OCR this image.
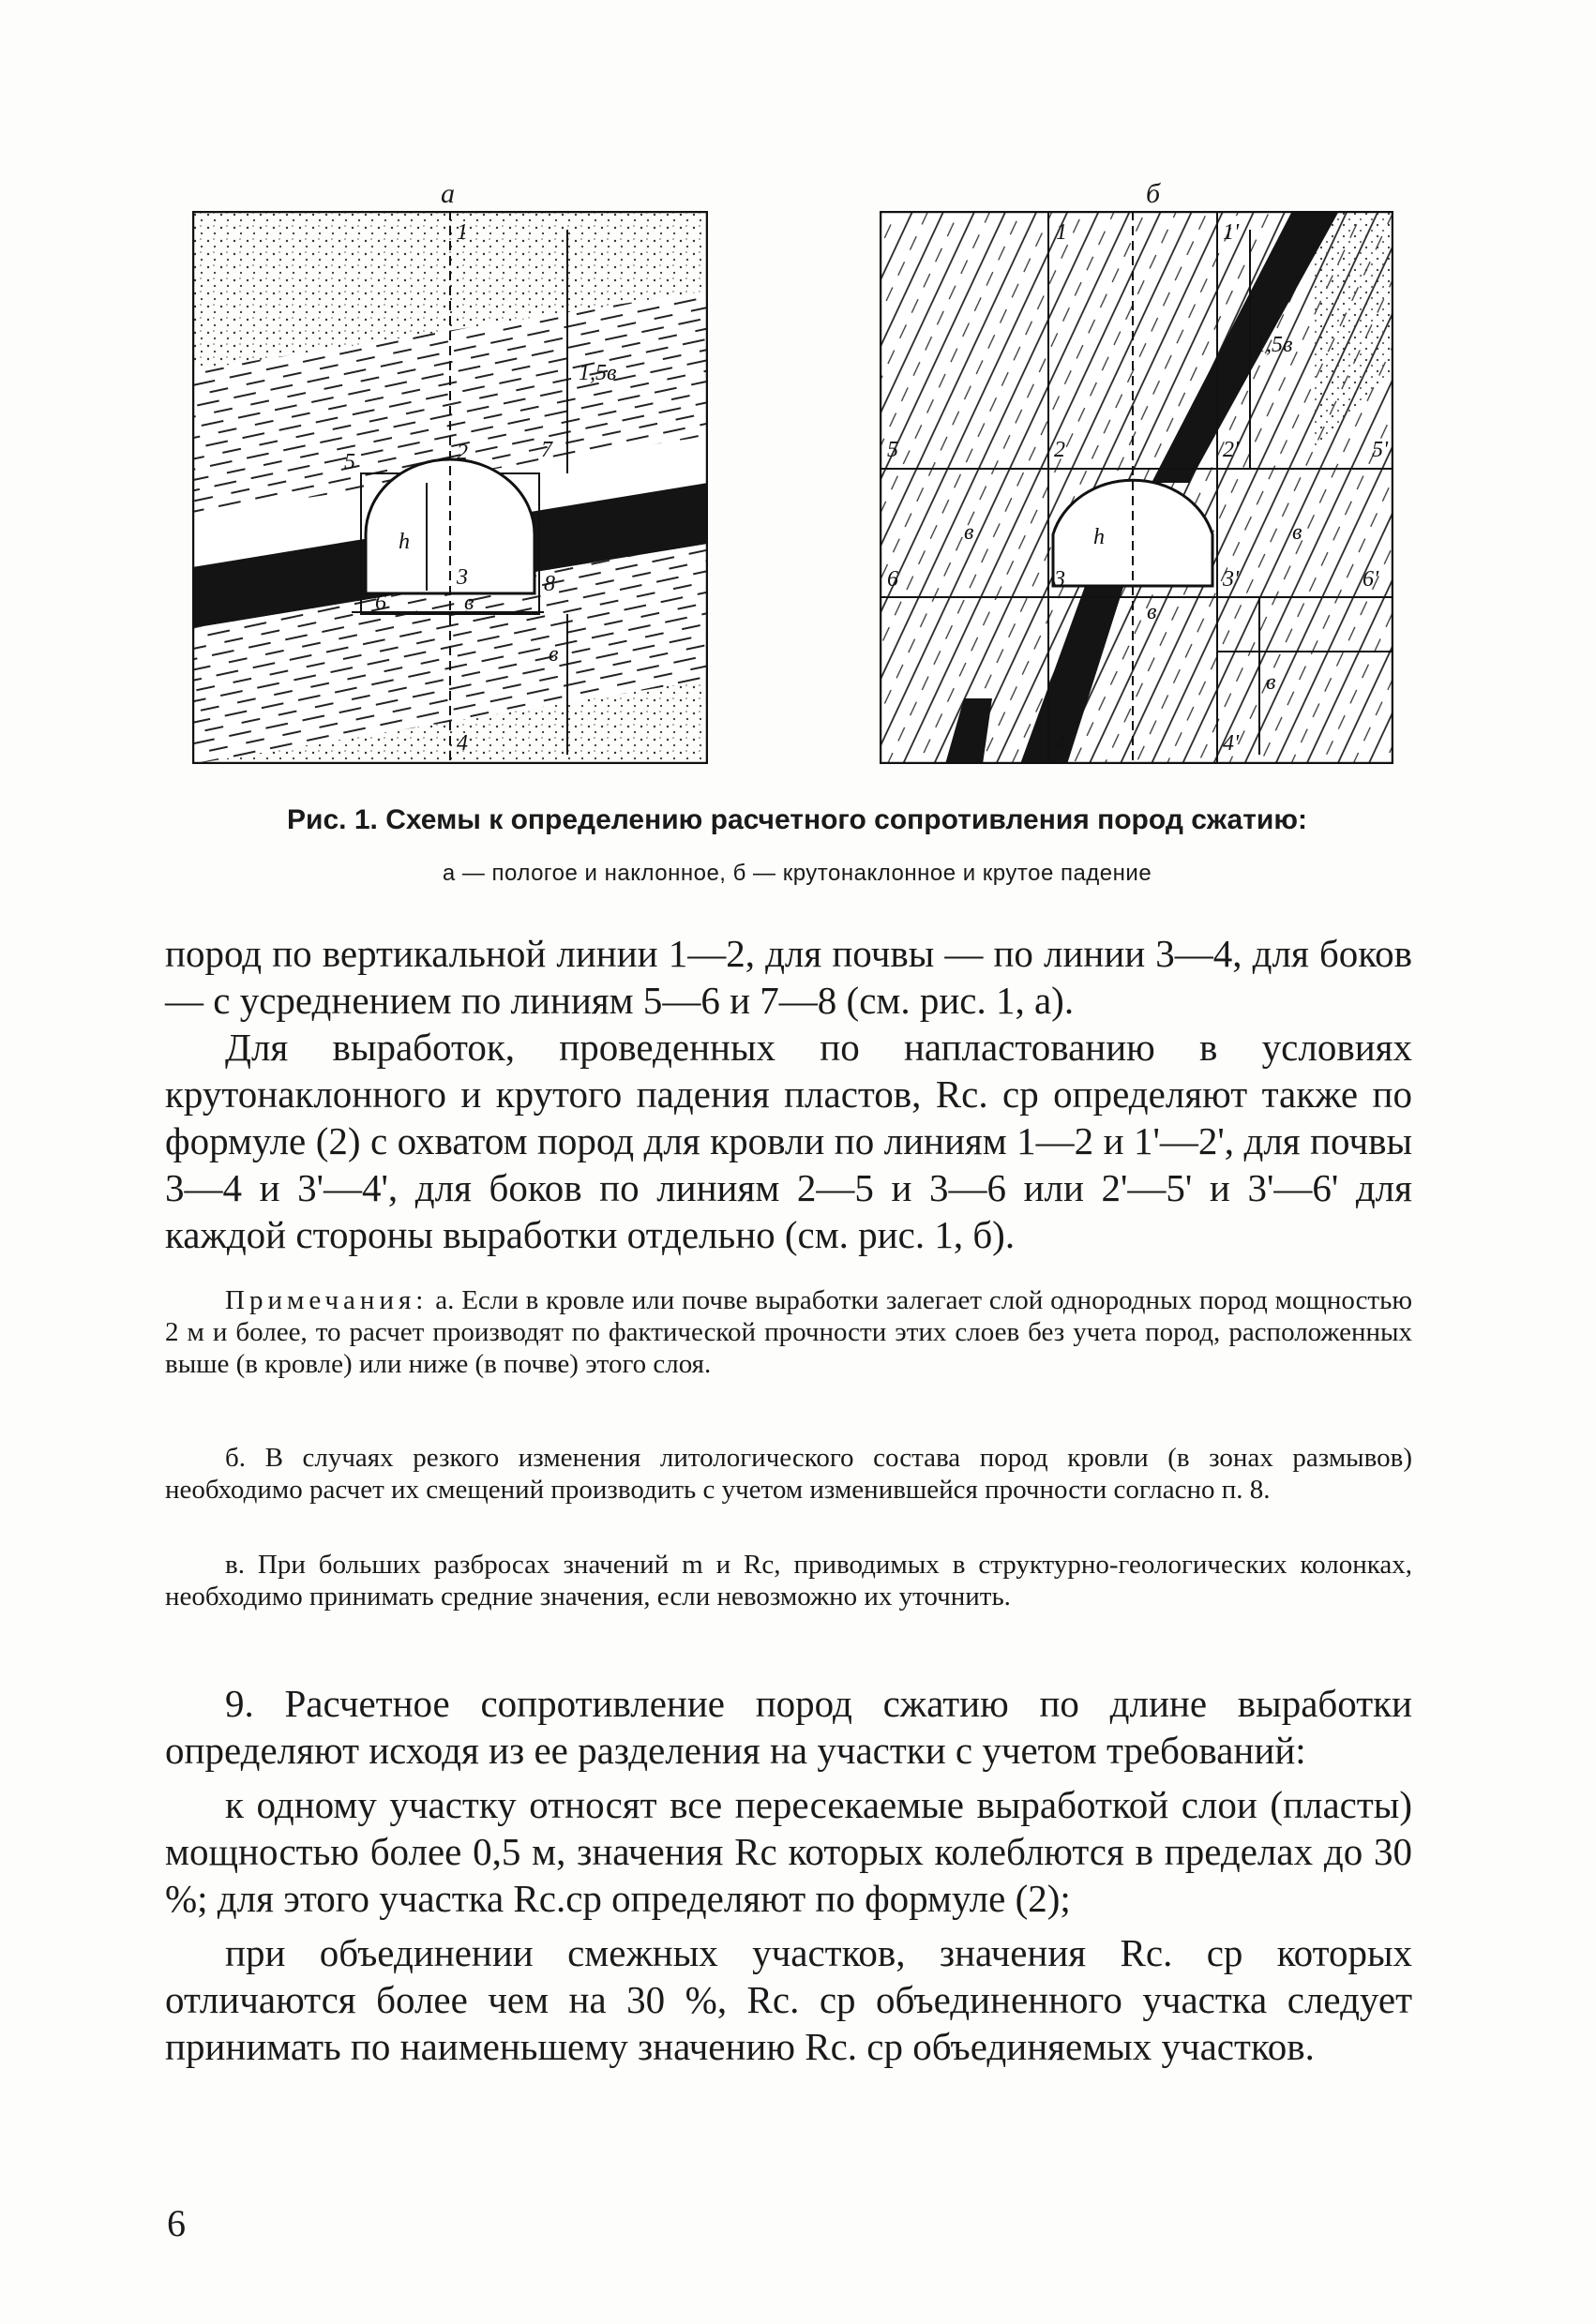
а	б
1
2
3
4
5
6
7
8
h
в
1,5в
в
1	1'
2	2'
3	3'
4	4'
5	5'
6	6'
h
в	в
в
в
1,5в
Рис. 1. Схемы к определению расчетного сопротивления пород сжатию:
а — пологое и наклонное, б — крутонаклонное и крутое падение

пород по вертикальной линии 1—2, для почвы — по линии 3—4, для боков — с усреднением по линиям 5—6 и 7—8 (см. рис. 1, а).

Для выработок, проведенных по напластованию в условиях крутонаклонного и крутого падения пластов, Rс. ср определяют также по формуле (2) с охватом пород для кровли по линиям 1—2 и 1'—2', для почвы 3—4 и 3'—4', для боков по линиям 2—5 и 3—6 или 2'—5' и 3'—6' для каждой стороны выработки отдельно (см. рис. 1, б).

Примечания: а. Если в кровле или почве выработки залегает слой однородных пород мощностью 2 м и более, то расчет производят по фактической прочности этих слоев без учета пород, расположенных выше (в кровле) или ниже (в почве) этого слоя.
б. В случаях резкого изменения литологического состава пород кровли (в зонах размывов) необходимо расчет их смещений производить с учетом изменившейся прочности согласно п. 8.
в. При больших разбросах значений m и Rс, приводимых в структурно-геологических колонках, необходимо принимать средние значения, если невозможно их уточнить.

9. Расчетное сопротивление пород сжатию по длине выработки определяют исходя из ее разделения на участки с учетом требований:

к одному участку относят все пересекаемые выработкой слои (пласты) мощностью более 0,5 м, значения Rс которых колеблются в пределах до 30 %; для этого участка Rс.ср определяют по формуле (2);

при объединении смежных участков, значения Rс. ср которых отличаются более чем на 30 %, Rс. ср объединенного участка следует принимать по наименьшему значению Rс. ср объединяемых участков.

6
